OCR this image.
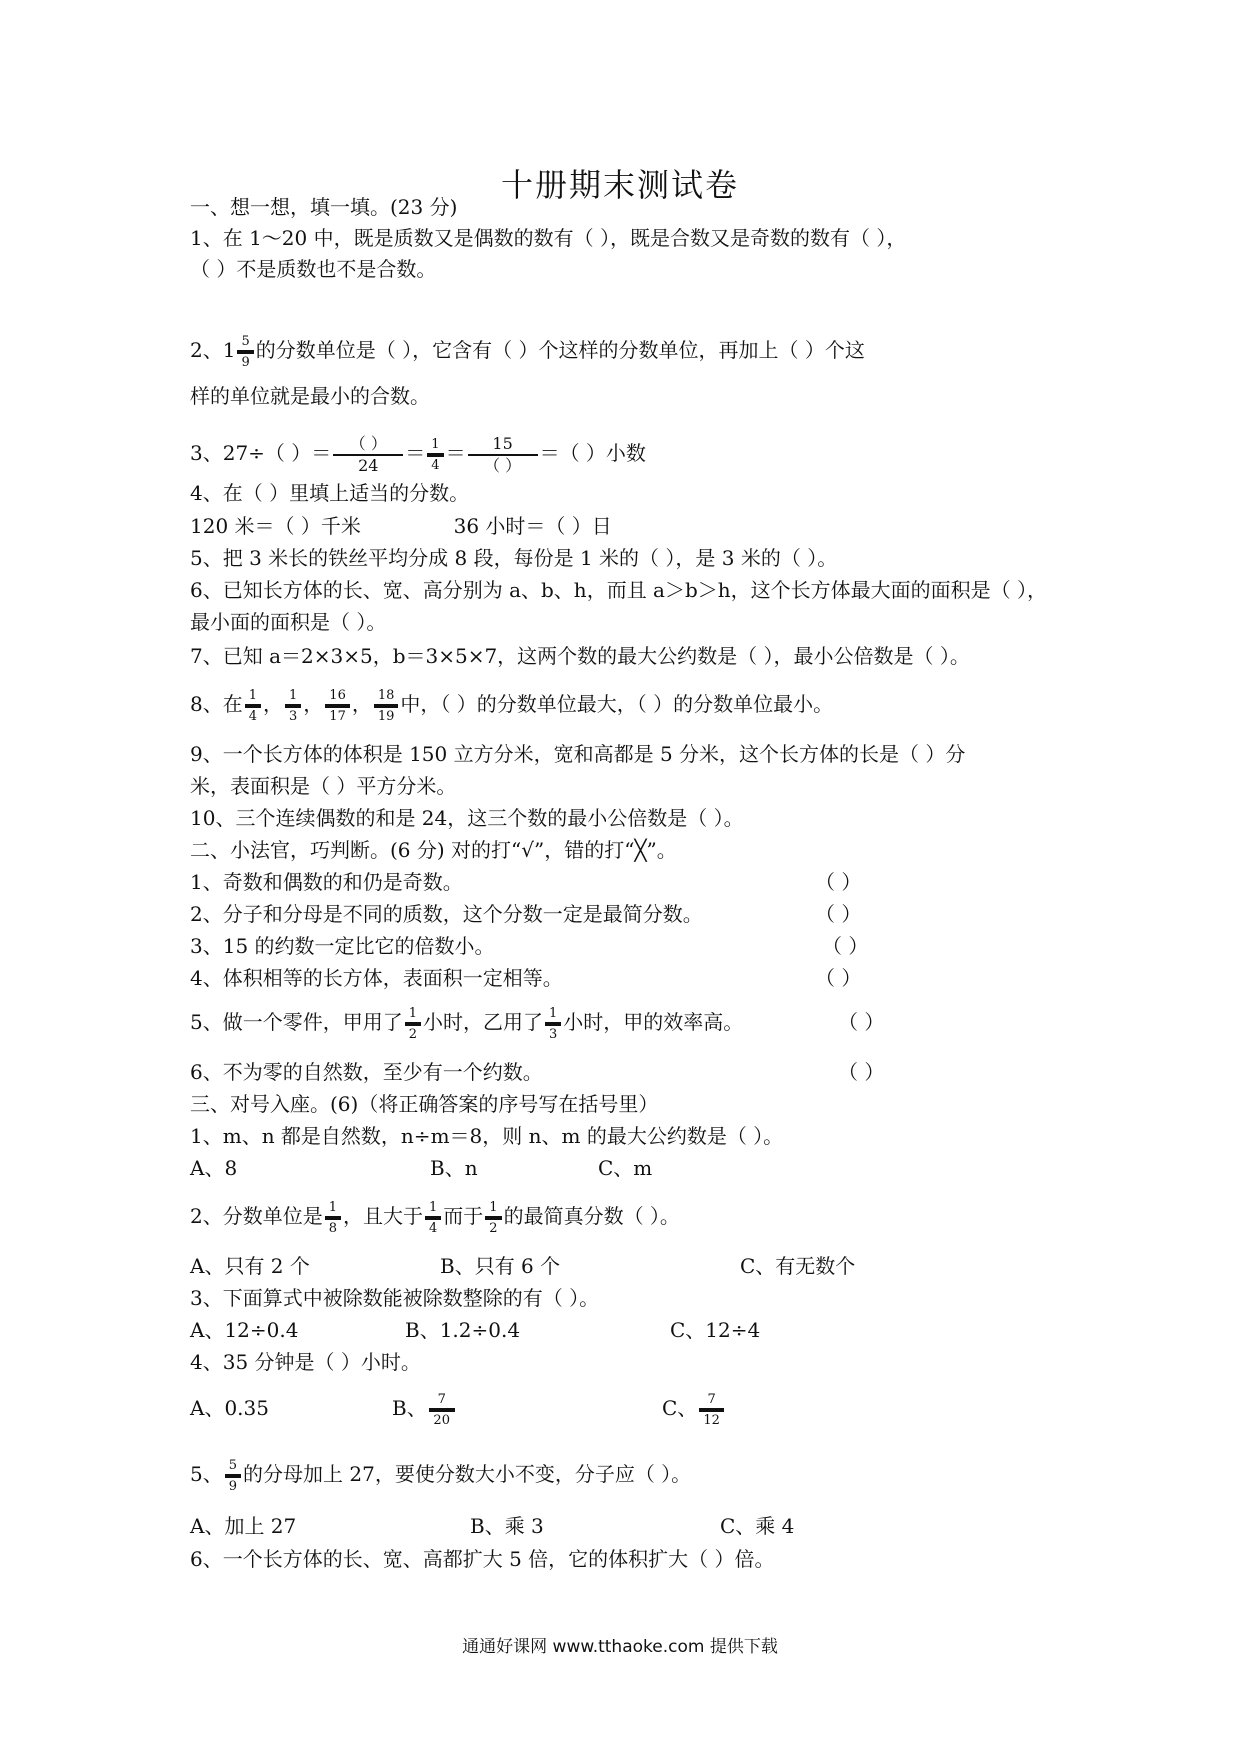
十册期末测试卷
一、想一想，填一填。(23 分)
1、在 1～20 中，既是质数又是偶数的数有（ ），既是合数又是奇数的数有（ ），
（ ）不是质数也不是合数。
2、$1 \frac{5}{9}$ 的分数单位是（ ），它含有（ ）个这样的分数单位，再加上（ ）个这
样的单位就是最小的合数。
3、27÷（ ）＝ $\frac{( )}{24} = \frac{1}{4} = \frac{15}{( )}$ ＝（ ）小数
4、在（ ）里填上适当的分数。
120 米＝（ ）千米	36 小时＝（ ）日
5、把 3 米长的铁丝平均分成 8 段，每份是 1 米的（ ），是 3 米的（ ）。
6、已知长方体的长、宽、高分别为 a、b、h，而且 a＞b＞h，这个长方体最大面的面积是（ ），
最小面的面积是（ ）。
7、已知 a＝2×3×5，b＝3×5×7，这两个数的最大公约数是（ ），最小公倍数是（ ）。
8、在 $\frac{1}{4}$ ， $\frac{1}{3}$ ， $\frac{16}{17}$ ， $\frac{18}{19}$ 中，（ ）的分数单位最大，（ ）的分数单位最小。
9、一个长方体的体积是 150 立方分米，宽和高都是 5 分米，这个长方体的长是（ ）分
米，表面积是（ ）平方分米。
10、三个连续偶数的和是 24，这三个数的最小公倍数是（ ）。
二、小法官，巧判断。(6 分) 对的打“√”，错的打“╳”。
1、奇数和偶数的和仍是奇数。	（ ）
2、分子和分母是不同的质数，这个分数一定是最简分数。	（ ）
3、15 的约数一定比它的倍数小。	（ ）
4、体积相等的长方体，表面积一定相等。	（ ）
5、做一个零件，甲用了 $\frac{1}{2}$ 小时，乙用了 $\frac{1}{3}$ 小时，甲的效率高。	（ ）
6、不为零的自然数，至少有一个约数。	（ ）
三、对号入座。(6)（将正确答案的序号写在括号里）
1、m、n 都是自然数，n÷m＝8，则 n、m 的最大公约数是（ ）。
A、8	B、n	C、m
2、分数单位是 $\frac{1}{8}$ ，且大于 $\frac{1}{4}$ 而于 $\frac{1}{2}$ 的最简真分数（ ）。
A、只有 2 个	B、只有 6 个	C、有无数个
3、下面算式中被除数能被除数整除的有（ ）。
A、12÷0.4	B、1.2÷0.4	C、12÷4
4、35 分钟是（ ）小时。
A、0.35	B、 $\frac{7}{20}$	C、 $\frac{7}{12}$
5、 $\frac{5}{9}$ 的分母加上 27，要使分数大小不变，分子应（ ）。
A、加上 27	B、乘 3	C、乘 4
6、一个长方体的长、宽、高都扩大 5 倍，它的体积扩大（ ）倍。
通通好课网 www.tthaoke.com 提供下载
